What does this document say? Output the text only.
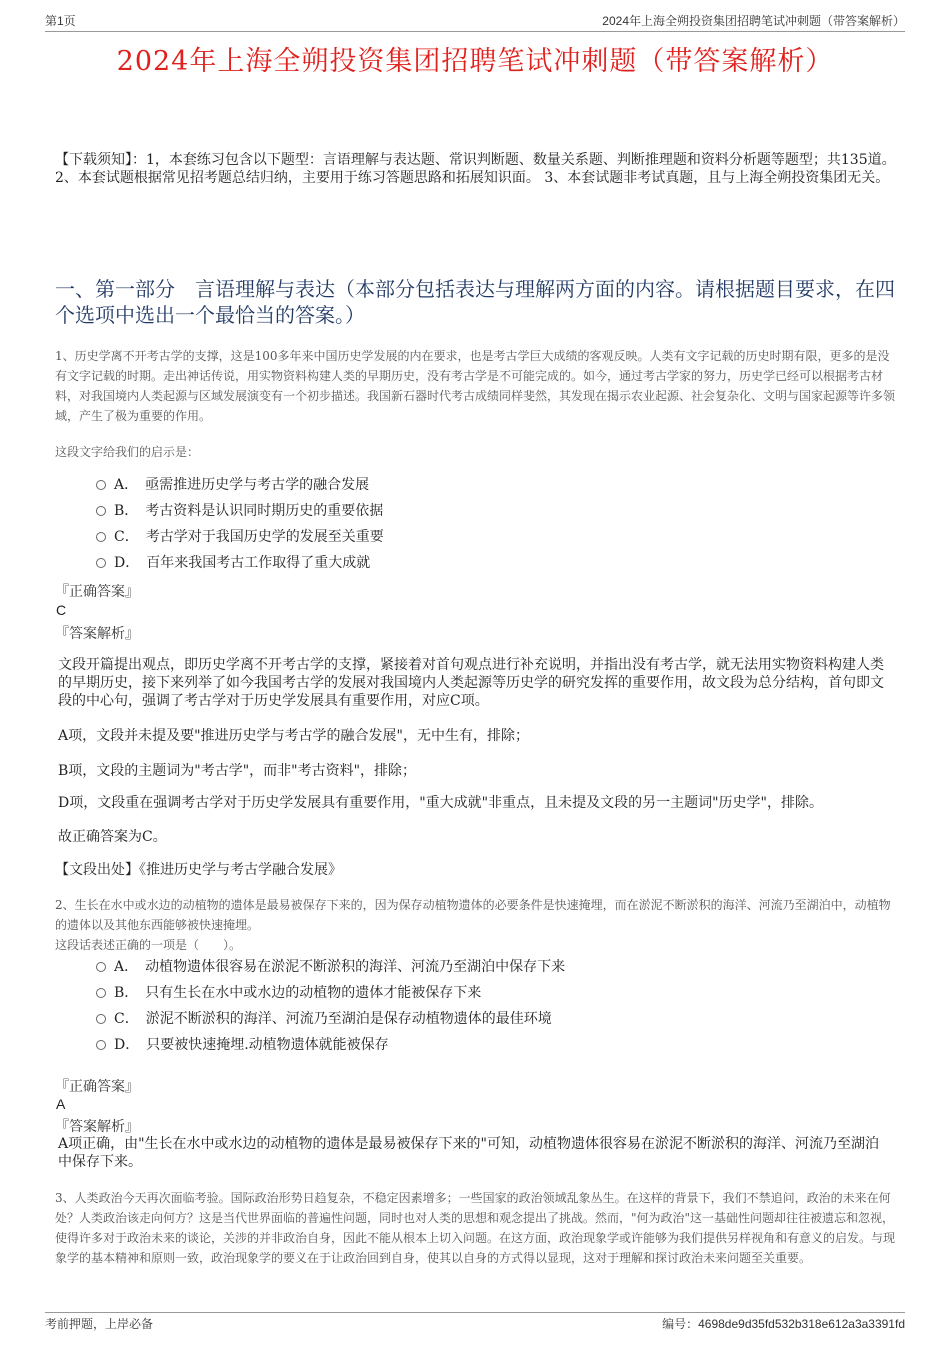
第1页	2024年上海全朔投资集团招聘笔试冲刺题（带答案解析）
2024年上海全朔投资集团招聘笔试冲刺题（带答案解析）
【下载须知】：1，本套练习包含以下题型：言语理解与表达题、常识判断题、数量关系题、判断推理题和资料分析题等题型；共135道。 2、本套试题根据常见招考题总结归纳，主要用于练习答题思路和拓展知识面。 3、本套试题非考试真题，且与上海全朔投资集团无关。
一、第一部分　言语理解与表达（本部分包括表达与理解两方面的内容。请根据题目要求，在四个选项中选出一个最恰当的答案。）
1、历史学离不开考古学的支撑，这是100多年来中国历史学发展的内在要求，也是考古学巨大成绩的客观反映。人类有文字记载的历史时期有限，更多的是没有文字记载的时期。走出神话传说，用实物资料构建人类的早期历史，没有考古学是不可能完成的。如今，通过考古学家的努力，历史学已经可以根据考古材料，对我国境内人类起源与区域发展演变有一个初步描述。我国新石器时代考古成绩同样斐然，其发现在揭示农业起源、社会复杂化、文明与国家起源等许多领域，产生了极为重要的作用。
这段文字给我们的启示是：
A．　亟需推进历史学与考古学的融合发展
B．　考古资料是认识同时期历史的重要依据
C．　考古学对于我国历史学的发展至关重要
D．　百年来我国考古工作取得了重大成就
『正确答案』
C
『答案解析』
文段开篇提出观点，即历史学离不开考古学的支撑，紧接着对首句观点进行补充说明，并指出没有考古学，就无法用实物资料构建人类的早期历史，接下来列举了如今我国考古学的发展对我国境内人类起源等历史学的研究发挥的重要作用，故文段为总分结构，首句即文段的中心句，强调了考古学对于历史学发展具有重要作用，对应C项。
A项，文段并未提及要"推进历史学与考古学的融合发展"，无中生有，排除；
B项，文段的主题词为"考古学"，而非"考古资料"，排除；
D项，文段重在强调考古学对于历史学发展具有重要作用，"重大成就"非重点，且未提及文段的另一主题词"历史学"，排除。
故正确答案为C。
【文段出处】《推进历史学与考古学融合发展》
2、生长在水中或水边的动植物的遗体是最易被保存下来的，因为保存动植物遗体的必要条件是快速掩埋，而在淤泥不断淤积的海洋、河流乃至湖泊中，动植物的遗体以及其他东西能够被快速掩埋。
这段话表述正确的一项是（　　）。
A．　动植物遗体很容易在淤泥不断淤积的海洋、河流乃至湖泊中保存下来
B．　只有生长在水中或水边的动植物的遗体才能被保存下来
C．　淤泥不断淤积的海洋、河流乃至湖泊是保存动植物遗体的最佳环境
D．　只要被快速掩埋.动植物遗体就能被保存
『正确答案』
A
『答案解析』
A项正确，由"生长在水中或水边的动植物的遗体是最易被保存下来的"可知，动植物遗体很容易在淤泥不断淤积的海洋、河流乃至湖泊中保存下来。
3、人类政治今天再次面临考验。国际政治形势日趋复杂，不稳定因素增多；一些国家的政治领域乱象丛生。在这样的背景下，我们不禁追问，政治的未来在何处？人类政治该走向何方？这是当代世界面临的普遍性问题，同时也对人类的思想和观念提出了挑战。然而，"何为政治"这一基础性问题却往往被遗忘和忽视，使得许多对于政治未来的谈论，关涉的并非政治自身，因此不能从根本上切入问题。在这方面，政治现象学或许能够为我们提供另样视角和有意义的启发。与现象学的基本精神和原则一致，政治现象学的要义在于让政治回到自身，使其以自身的方式得以显现，这对于理解和探讨政治未来问题至关重要。
考前押题，上岸必备	编号：4698de9d35fd532b318e612a3a3391fd
